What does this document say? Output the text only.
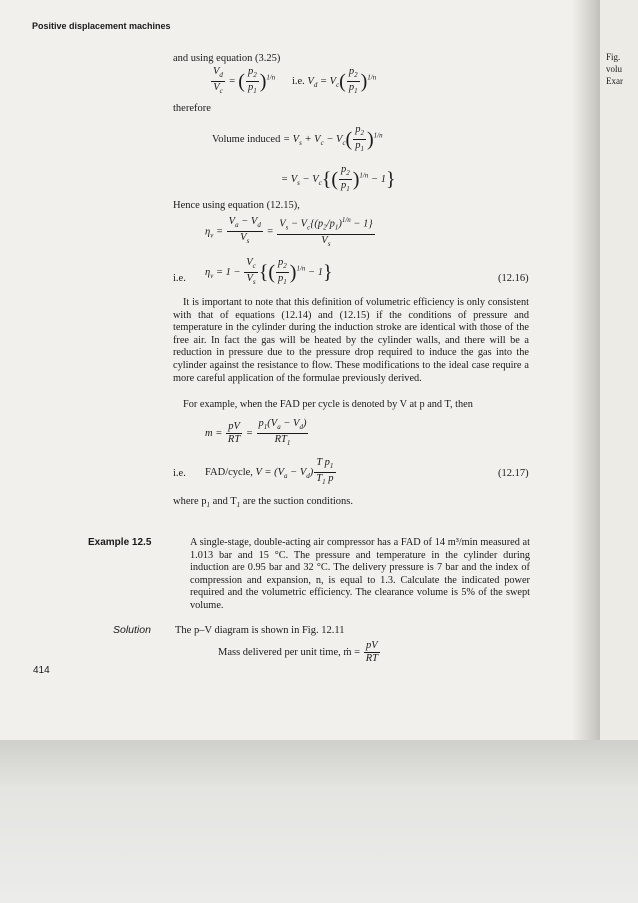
Fig.
volu
Exar
Positive displacement machines
and using equation (3.25)
$\frac{V_d}{V_c}$ = ( $\frac{p_2}{p_1} )^{1/n}$ i.e. $V_d = V_c( \frac{p_2}{p_1} )^{1/n}$
therefore
Volume induced = $V_s + V_c - V_c( \frac{p_2}{p_1} )^{1/n}$
= $V_s - V_c\{( \frac{p_2}{p_1} )^{1/n} - 1\}$
Hence using equation (12.15),
$\eta_v = \frac{V_a - V_d}{V_s} = \frac{V_s - V_c\{(p_2/p_1)^{1/n} - 1\}}{V_s}$
i.e.
$\eta_v = 1 - \frac{V_c}{V_s}$ {( $\frac{p_2}{p_1} )^{1/n} - 1$}	(12.16)
It is important to note that this definition of volumetric efficiency is only consistent with that of equations (12.14) and (12.15) if the conditions of pressure and temperature in the cylinder during the induction stroke are identical with those of the free air. In fact the gas will be heated by the cylinder walls, and there will be a reduction in pressure due to the pressure drop required to induce the gas into the cylinder against the resistance to flow. These modifications to the ideal case require a more careful application of the formulae previously derived.
For example, when the FAD per cycle is denoted by V at p and T, then
$m = \frac{pV}{RT} = \frac{p_1(V_a - V_d)}{RT_1}$
i.e. FAD/cycle, $V = (V_a - V_d) \frac{T p_1}{T_1 p}$	(12.17)
where $p_1$ and $T_1$ are the suction conditions.
Example 12.5	A single-stage, double-acting air compressor has a FAD of 14 m³/min measured at 1.013 bar and 15 °C. The pressure and temperature in the cylinder during induction are 0.95 bar and 32 °C. The delivery pressure is 7 bar and the index of compression and expansion, n, is equal to 1.3. Calculate the indicated power required and the volumetric efficiency. The clearance volume is 5% of the swept volume.
Solution The p–V diagram is shown in Fig. 12.11
Mass delivered per unit time, ṁ = $\frac{pV}{RT}$
414
